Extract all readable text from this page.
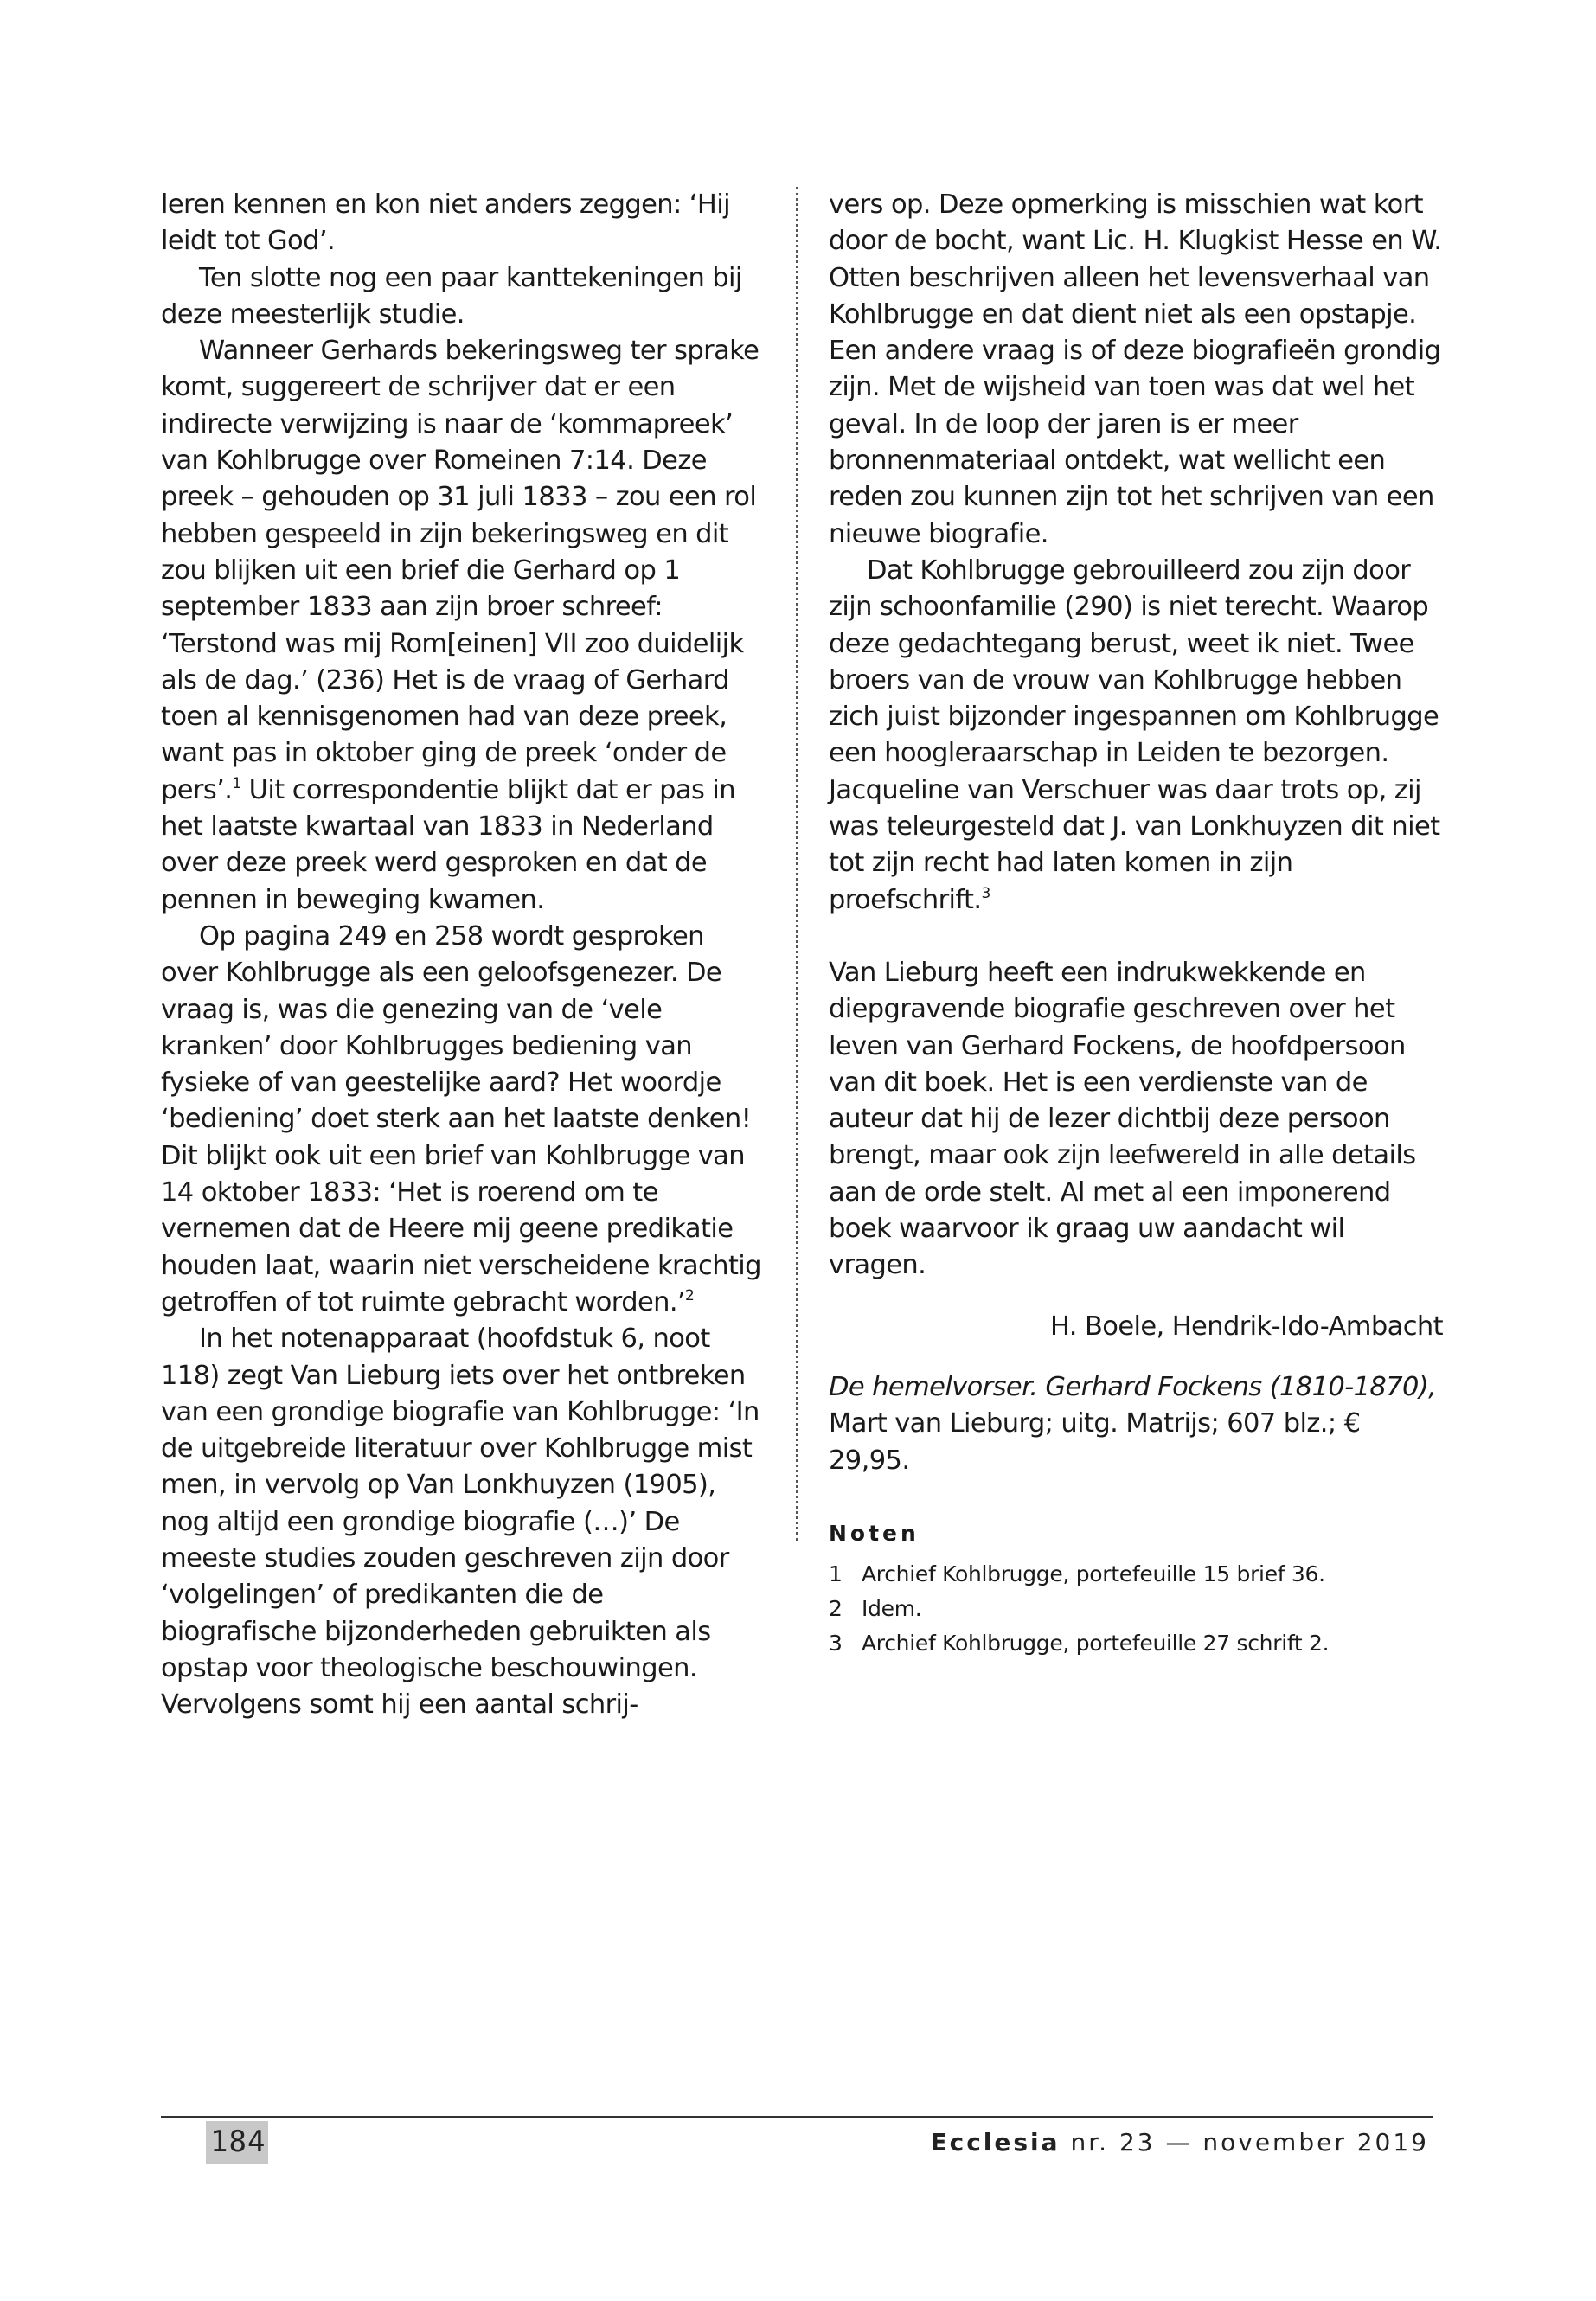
leren kennen en kon niet anders zeggen: ‘Hij leidt tot God’.

Ten slotte nog een paar kanttekeningen bij deze meesterlijk studie.

Wanneer Gerhards bekeringsweg ter sprake komt, suggereert de schrijver dat er een indirecte verwijzing is naar de ‘kommapreek’ van Kohlbrugge over Romeinen 7:14. Deze preek – gehouden op 31 juli 1833 – zou een rol hebben gespeeld in zijn bekeringsweg en dit zou blijken uit een brief die Gerhard op 1 september 1833 aan zijn broer schreef: ‘Terstond was mij Rom[einen] VII zoo duidelijk als de dag.’ (236) Het is de vraag of Gerhard toen al kennisgenomen had van deze preek, want pas in oktober ging de preek ‘onder de pers’.$^1$ Uit correspondentie blijkt dat er pas in het laatste kwartaal van 1833 in Nederland over deze preek werd gesproken en dat de pennen in beweging kwamen.

Op pagina 249 en 258 wordt gesproken over Kohlbrugge als een geloofsgenezer. De vraag is, was die genezing van de ‘vele kranken’ door Kohlbrugges bediening van fysieke of van geestelijke aard? Het woordje ‘bediening’ doet sterk aan het laatste denken! Dit blijkt ook uit een brief van Kohlbrugge van 14 oktober 1833: ‘Het is roerend om te vernemen dat de Heere mij geene predikatie houden laat, waarin niet verscheidene krachtig getroffen of tot ruimte gebracht worden.’$^2$

In het notenapparaat (hoofdstuk 6, noot 118) zegt Van Lieburg iets over het ontbreken van een grondige biografie van Kohlbrugge: ‘In de uitgebreide literatuur over Kohlbrugge mist men, in vervolg op Van Lonkhuyzen (1905), nog altijd een grondige biografie (…)’ De meeste studies zouden geschreven zijn door ‘volgelingen’ of predikanten die de biografische bijzonderheden gebruikten als opstap voor theologische beschouwingen. Vervolgens somt hij een aantal schrij-

vers op. Deze opmerking is misschien wat kort door de bocht, want Lic. H. Klugkist Hesse en W. Otten beschrijven alleen het levensverhaal van Kohlbrugge en dat dient niet als een opstapje. Een andere vraag is of deze biografieën grondig zijn. Met de wijsheid van toen was dat wel het geval. In de loop der jaren is er meer bronnenmateriaal ontdekt, wat wellicht een reden zou kunnen zijn tot het schrijven van een nieuwe biografie.

Dat Kohlbrugge gebrouilleerd zou zijn door zijn schoonfamilie (290) is niet terecht. Waarop deze gedachtegang berust, weet ik niet. Twee broers van de vrouw van Kohlbrugge hebben zich juist bijzonder ingespannen om Kohlbrugge een hoogleraarschap in Leiden te bezorgen. Jacqueline van Verschuer was daar trots op, zij was teleurgesteld dat J. van Lonkhuyzen dit niet tot zijn recht had laten komen in zijn proefschrift.$^3$

Van Lieburg heeft een indrukwekkende en diepgravende biografie geschreven over het leven van Gerhard Fockens, de hoofdpersoon van dit boek. Het is een verdienste van de auteur dat hij de lezer dichtbij deze persoon brengt, maar ook zijn leefwereld in alle details aan de orde stelt. Al met al een imponerend boek waarvoor ik graag uw aandacht wil vragen.

H. Boele, Hendrik-Ido-Ambacht

De hemelvorser. Gerhard Fockens (1810-1870), Mart van Lieburg; uitg. Matrijs; 607 blz.; € 29,95.

Noten
1 Archief Kohlbrugge, portefeuille 15 brief 36.
2 Idem.
3 Archief Kohlbrugge, portefeuille 27 schrift 2.
184	Ecclesia nr. 23 — november 2019
